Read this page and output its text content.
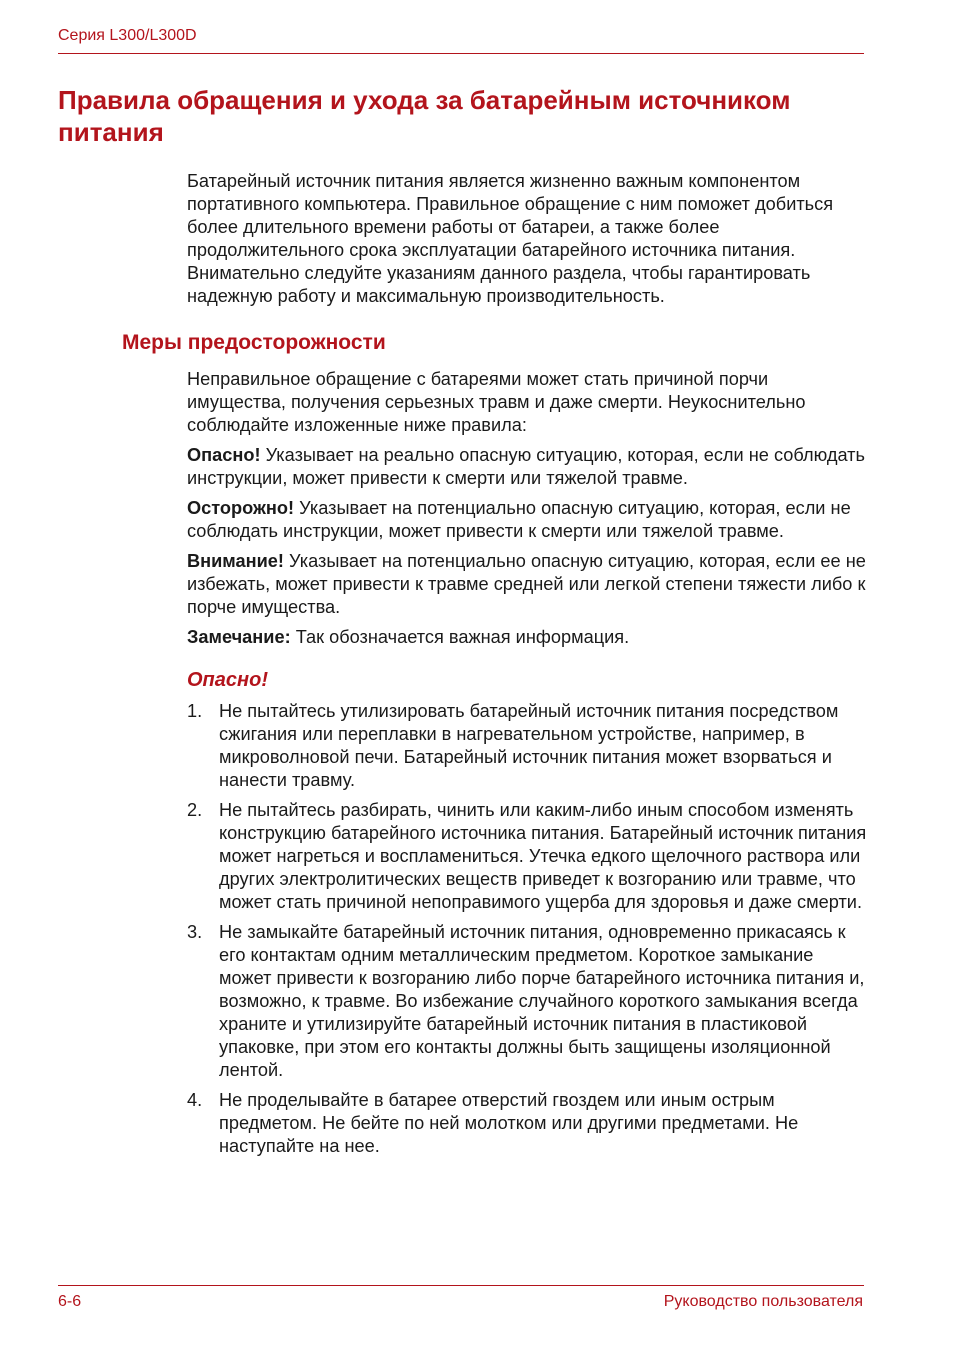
Серия L300/L300D
Правила обращения и ухода за батарейным источником питания

Батарейный источник питания является жизненно важным компонентом портативного компьютера. Правильное обращение с ним поможет добиться более длительного времени работы от батареи, а также более продолжительного срока эксплуатации батарейного источника питания. Внимательно следуйте указаниям данного раздела, чтобы гарантировать надежную работу и максимальную производительность.

Меры предосторожности

Неправильное обращение с батареями может стать причиной порчи имущества, получения серьезных травм и даже смерти. Неукоснительно соблюдайте изложенные ниже правила:

Опасно! Указывает на реально опасную ситуацию, которая, если не соблюдать инструкции, может привести к смерти или тяжелой травме.

Осторожно! Указывает на потенциально опасную ситуацию, которая, если не соблюдать инструкции, может привести к смерти или тяжелой травме.

Внимание! Указывает на потенциально опасную ситуацию, которая, если ее не избежать, может привести к травме средней или легкой степени тяжести либо к порче имущества.

Замечание: Так обозначается важная информация.

Опасно!
1. Не пытайтесь утилизировать батарейный источник питания посредством сжигания или переплавки в нагревательном устройстве, например, в микроволновой печи. Батарейный источник питания может взорваться и нанести травму.
2. Не пытайтесь разбирать, чинить или каким-либо иным способом изменять конструкцию батарейного источника питания. Батарейный источник питания может нагреться и воспламениться. Утечка едкого щелочного раствора или других электролитических веществ приведет к возгоранию или травме, что может стать причиной непоправимого ущерба для здоровья и даже смерти.
3. Не замыкайте батарейный источник питания, одновременно прикасаясь к его контактам одним металлическим предметом. Короткое замыкание может привести к возгоранию либо порче батарейного источника питания и, возможно, к травме. Во избежание случайного короткого замыкания всегда храните и утилизируйте батарейный источник питания в пластиковой упаковке, при этом его контакты должны быть защищены изоляционной лентой.
4. Не проделывайте в батарее отверстий гвоздем или иным острым предметом. Не бейте по ней молотком или другими предметами. Не наступайте на нее.
6-6	Руководство пользователя
